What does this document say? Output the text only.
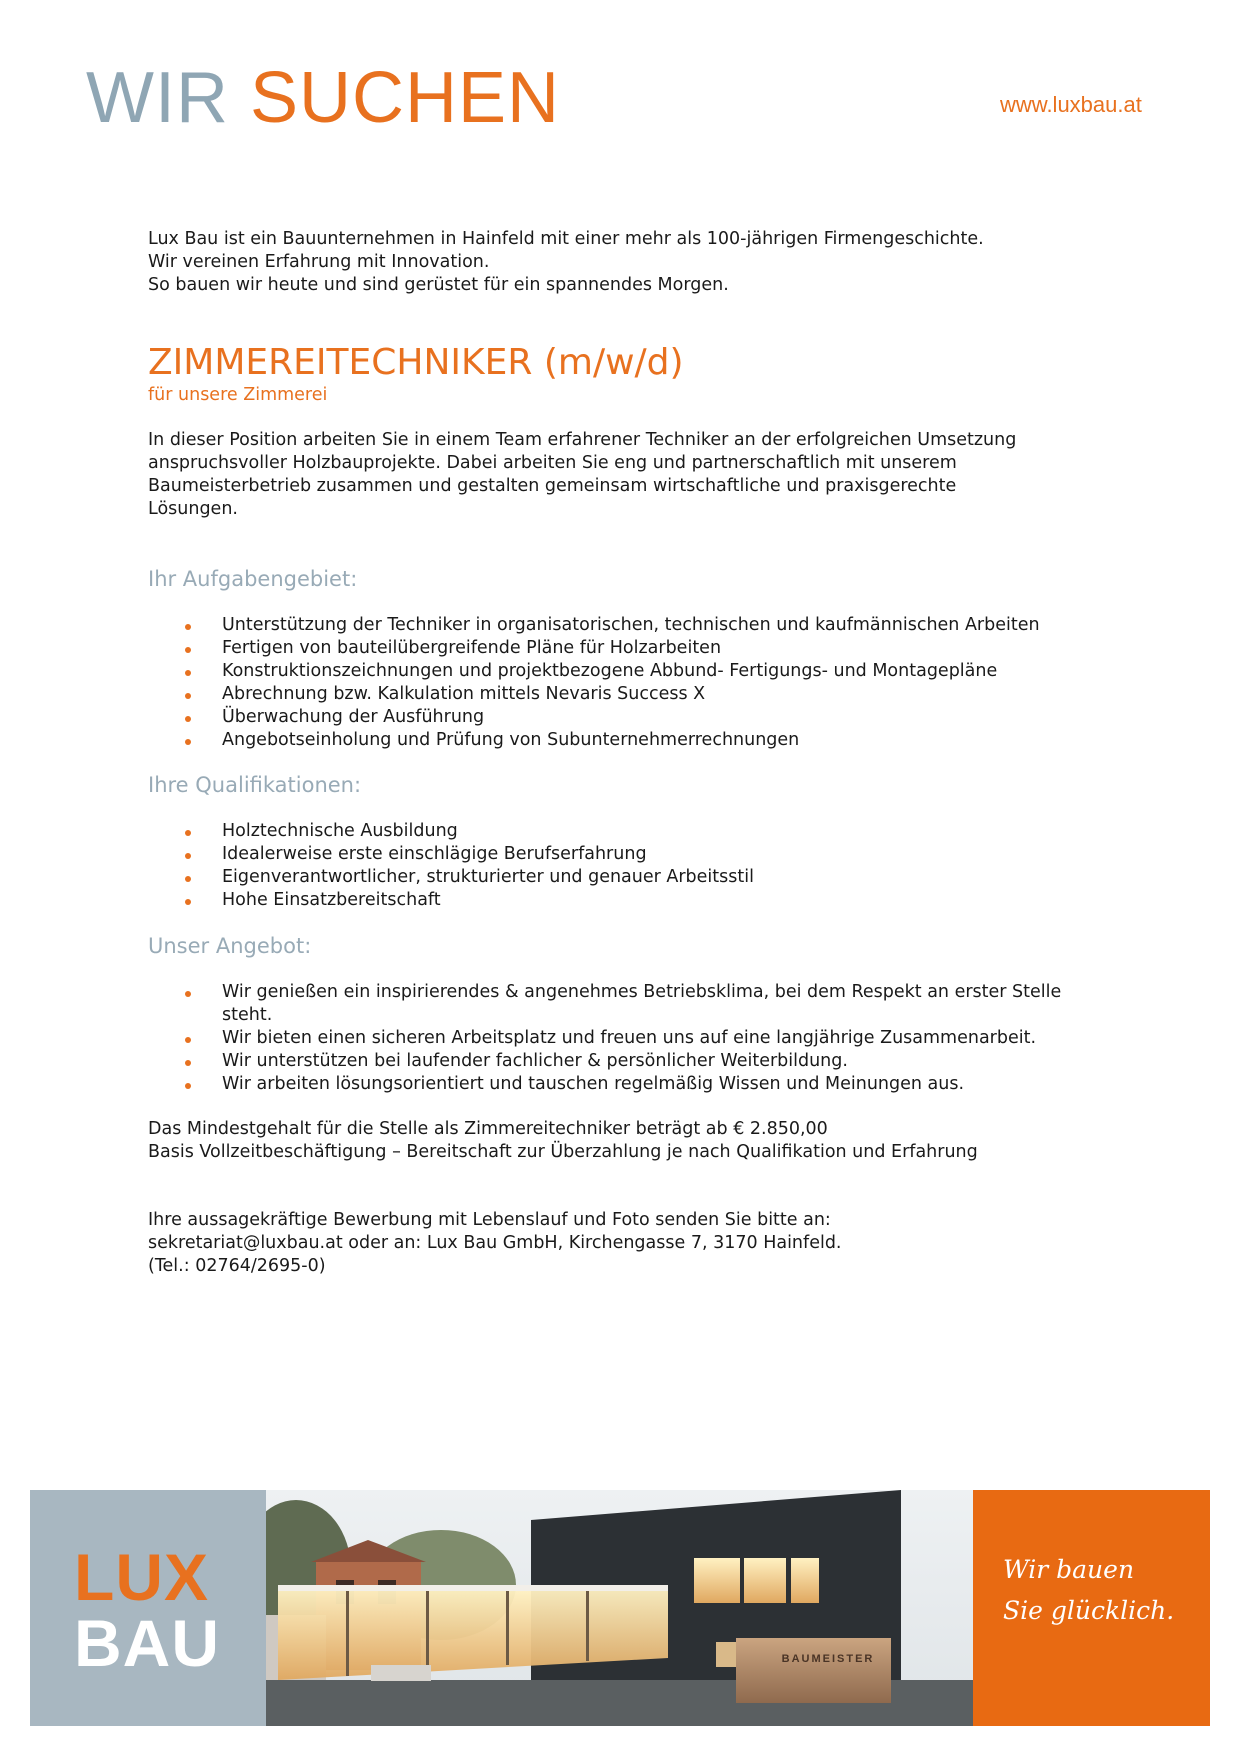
WIR SUCHEN	www.luxbau.at

Lux Bau ist ein Bauunternehmen in Hainfeld mit einer mehr als 100-jährigen Firmengeschichte.

Wir vereinen Erfahrung mit Innovation.

So bauen wir heute und sind gerüstet für ein spannendes Morgen.

ZIMMEREITECHNIKER (m/w/d)
für unsere Zimmerei

In dieser Position arbeiten Sie in einem Team erfahrener Techniker an der erfolgreichen Umsetzung

anspruchsvoller Holzbauprojekte. Dabei arbeiten Sie eng und partnerschaftlich mit unserem

Baumeisterbetrieb zusammen und gestalten gemeinsam wirtschaftliche und praxisgerechte

Lösungen.

Ihr Aufgabengebiet:
Unterstützung der Techniker in organisatorischen, technischen und kaufmännischen Arbeiten
Fertigen von bauteilübergreifende Pläne für Holzarbeiten
Konstruktionszeichnungen und projektbezogene Abbund- Fertigungs- und Montagepläne
Abrechnung bzw. Kalkulation mittels Nevaris Success X
Überwachung der Ausführung
Angebotseinholung und Prüfung von Subunternehmerrechnungen
Ihre Qualifikationen:
Holztechnische Ausbildung
Idealerweise erste einschlägige Berufserfahrung
Eigenverantwortlicher, strukturierter und genauer Arbeitsstil
Hohe Einsatzbereitschaft
Unser Angebot:
Wir genießen ein inspirierendes & angenehmes Betriebsklima, bei dem Respekt an erster Stelle steht.
Wir bieten einen sicheren Arbeitsplatz und freuen uns auf eine langjährige Zusammenarbeit.
Wir unterstützen bei laufender fachlicher & persönlicher Weiterbildung.
Wir arbeiten lösungsorientiert und tauschen regelmäßig Wissen und Meinungen aus.

Das Mindestgehalt für die Stelle als Zimmereitechniker beträgt ab € 2.850,00

Basis Vollzeitbeschäftigung – Bereitschaft zur Überzahlung je nach Qualifikation und Erfahrung

Ihre aussagekräftige Bewerbung mit Lebenslauf und Foto senden Sie bitte an:

sekretariat@luxbau.at oder an: Lux Bau GmbH, Kirchengasse 7, 3170 Hainfeld.

(Tel.: 02764/2695-0)

LUX
BAU	BAUMEISTER
Wir bauen
Sie glücklich.
